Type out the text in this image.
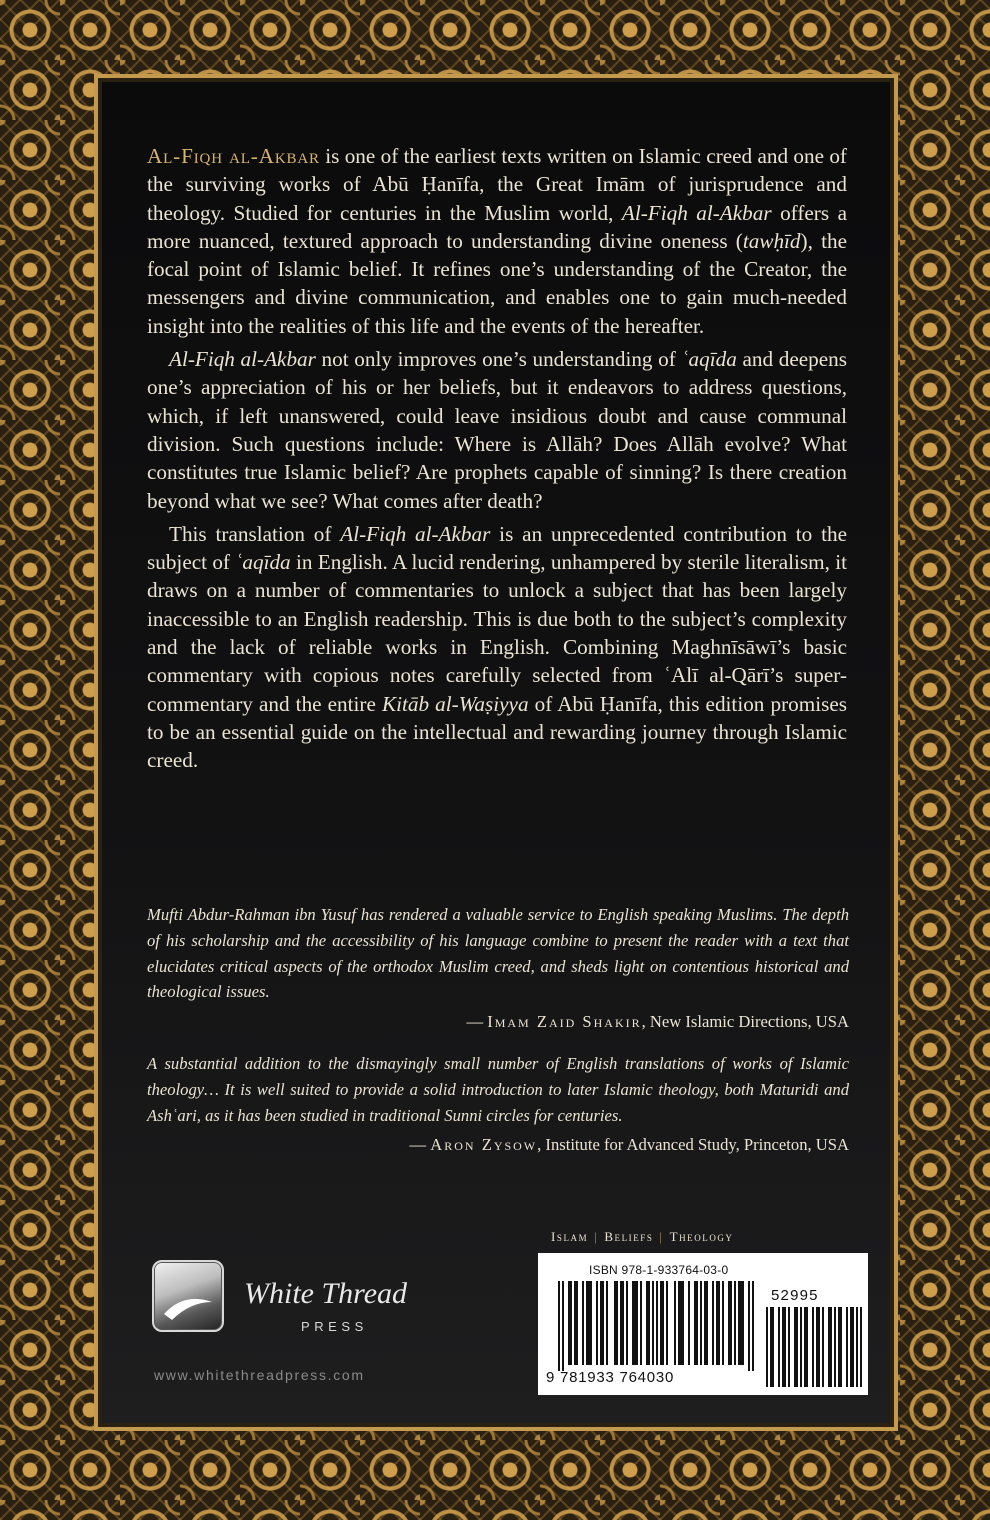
Al-Fiqh al-Akbar is one of the earliest texts written on Islamic creed and one of the surviving works of Abū Ḥanīfa, the Great Imām of jurisprudence and theology. Studied for centuries in the Muslim world, Al-Fiqh al-Akbar offers a more nuanced, textured approach to understanding divine oneness (tawḥīd), the focal point of Islamic belief. It refines one’s understanding of the Creator, the messengers and divine communication, and enables one to gain much-needed insight into the realities of this life and the events of the hereafter.

Al-Fiqh al-Akbar not only improves one’s understanding of ʿaqīda and deepens one’s appreciation of his or her beliefs, but it endeavors to address questions, which, if left unanswered, could leave insidious doubt and cause communal division. Such questions include: Where is Allāh? Does Allāh evolve? What constitutes true Islamic belief? Are prophets capable of sinning? Is there creation beyond what we see? What comes after death?

This translation of Al-Fiqh al-Akbar is an unprecedented contribution to the subject of ʿaqīda in English. A lucid rendering, unhampered by sterile literalism, it draws on a number of commentaries to unlock a subject that has been largely inaccessible to an English readership. This is due both to the subject’s complexity and the lack of reliable works in English. Combining Maghnīsāwī’s basic commentary with copious notes carefully selected from ʿAlī al-Qārī’s super-commentary and the entire Kitāb al-Waṣiyya of Abū Ḥanīfa, this edition promises to be an essential guide on the intellectual and rewarding journey through Islamic creed.

Mufti Abdur-Rahman ibn Yusuf has rendered a valuable service to English speaking Muslims. The depth of his scholarship and the accessibility of his language combine to present the reader with a text that elucidates critical aspects of the orthodox Muslim creed, and sheds light on contentious historical and theological issues.

— Imam Zaid Shakir, New Islamic Directions, USA

A substantial addition to the dismayingly small number of English translations of works of Islamic theology… It is well suited to provide a solid introduction to later Islamic theology, both Maturidi and Ashʿari, as it has been studied in traditional Sunni circles for centuries.

— Aron Zysow, Institute for Advanced Study, Princeton, USA

Islam | Beliefs | Theology
ISBN 978-1-933764-03-0
52995
9 781933 764030
White Thread
PRESS
www.whitethreadpress.com
